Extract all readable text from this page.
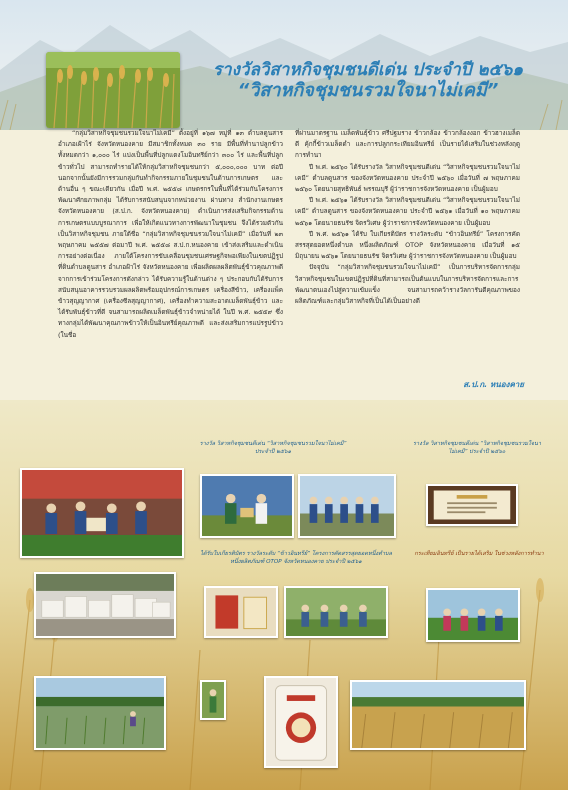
รางวัลวิสาหกิจชุมชนดีเด่น ประจำปี ๒๕๖๑
“วิสาหกิจชุมชนรวมใจนาไม่เคมี”

“กลุ่มวิสาหกิจชุมชนรวมใจนาไม่เคมี” ตั้งอยู่ที่ ๑๖๗ หมู่ที่ ๑๓ ตำบลดูนสาร อำเภอเฝ้าไร่ จังหวัดหนองคาย มีสมาชิกทั้งหมด ๓๐ ราย มีพื้นที่ทำนาปลูกข้าวทั้งหมดกว่า ๑,๐๐๐ ไร่ แบ่งเป็นพื้นที่ปลูกแตงโมอินทรีย์กว่า ๓๐๐ ไร่ และพื้นที่ปลูกข้าวทั่วไป สามารถทำรายได้ให้กลุ่มวิสาหกิจชุมชนกว่า ๕,๐๐๐,๐๐๐ บาท ต่อปี นอกจากนั้นยังมีการรวมกลุ่มกันทำกิจกรรมภายในชุมชนในด้านการเกษตร และด้านอื่น ๆ ขณะเดียวกัน เมื่อปี พ.ศ. ๒๕๕๘ เกษตรกรในพื้นที่ได้ร่วมกันโครงการพัฒนาศักยภาพกลุ่ม ได้รับการสนับสนุนจากหน่วยงาน ผ่านทาง สำนักงานเกษตรจังหวัดหนองคาย (ส.ป.ก. จังหวัดหนองคาย) ดำเนินการส่งเสริมกิจกรรมด้านการเกษตรแบบบูรณาการ เพื่อให้เกิดแนวทางการพัฒนาในชุมชน จึงได้รวมตัวกันเป็นวิสาหกิจชุมชน ภายใต้ชื่อ “กลุ่มวิสาหกิจชุมชนรวมใจนาไม่เคมี” เมื่อวันที่ ๒๓ พฤษภาคม ๒๕๕๗ ต่อมาปี พ.ศ. ๒๕๕๘ ส.ป.ก.หนองคาย เข้าส่งเสริมและดำเนินการอย่างต่อเนื่อง ภายใต้โครงการขับเคลื่อนชุมชนเศรษฐกิจพอเพียงในเขตปฏิรูปที่ดินตำบลดูนสาร อำเภอฝ้าไร่ จังหวัดหนองคาย เพื่อผลิตผลผลิตพันธุ์ข้าวคุณภาพดี จากการเข้าร่วมโครงการดังกล่าว ได้รับความรู้ในด้านต่าง ๆ ประกอบกับได้รับการสนับสนุนอาคารรวบรวมผลผลิตพร้อมอุปกรณ์การเกษตร เครื่องสีข้าว, เครื่องแพ็คข้าวสุญญากาศ (เครื่องซีลสุญญากาศ), เครื่องทำความสะอาดเมล็ดพันธุ์ข้าว และได้รับพันธุ์ข้าวที่ดี จนสามารถผลิตเมล็ดพันธุ์ข้าวจำหน่ายได้ ในปี พ.ศ. ๒๕๕๙ ซึ่งทางกลุ่มได้พัฒนาคุณภาพข้าวให้เป็นอินทรีย์คุณภาพดี และส่งเสริมการแปรรูปข้าว (ในชื่อ

ที่ผ่านมาตรฐาน เมล็ดพันธุ์ข้าว ศรีปฐมราง ข้าวกล้อง ข้าวกล้องงอก ข้าวฮางเมล็ดดี คุ้กกี้ข้าวเมล็ดดำ และการปลูกกระเทียมอินทรีย์ เป็นรายได้เสริมในช่วงหลังฤดูการทำนา

ปี พ.ศ. ๒๕๖๐ ได้รับรางวัล วิสาหกิจชุมชนดีเด่น “วิสาหกิจชุมชนรวมใจนาไม่เคมี” ตำบลดูนสาร ของจังหวัดหนองคาย ประจำปี ๒๕๖๐ เมื่อวันที่ ๗ พฤษภาคม ๒๕๖๐ โดยนายสุทธิพันธ์ พรรณบุรี ผู้ว่าราชการจังหวัดหนองคาย เป็นผู้มอบ

ปี พ.ศ. ๒๕๖๑ ได้รับรางวัล วิสาหกิจชุมชนดีเด่น “วิสาหกิจชุมชนรวมใจนาไม่เคมี” ตำบลดูนสาร ของจังหวัดหนองคาย ประจำปี ๒๕๖๑ เมื่อวันที่ ๑๐ พฤษภาคม ๒๕๖๑ โดยนายธนรัช จิตรวิเศษ ผู้ว่าราชการจังหวัดหนองคาย เป็นผู้มอบ

ปี พ.ศ. ๒๕๖๑ ได้รับ ใบเกียรติบัตร รางวัลระดับ “ข้าวอินทรีย์” โครงการคัดสรรสุดยอดหนึ่งตำบล หนึ่งผลิตภัณฑ์ OTOP จังหวัดหนองคาย เมื่อวันที่ ๑๕ มิถุนายน ๒๕๖๑ โดยนายธนรัช จิตรวิเศษ ผู้ว่าราชการจังหวัดหนองคาย เป็นผู้มอบ

ปัจจุบัน “กลุ่มวิสาหกิจชุมชนรวมใจนาไม่เคมี” เป็นการบริหารจัดการกลุ่มวิสาหกิจชุมชนในเขตปฏิรูปที่ดินที่สามารถเป็นต้นแบบในการบริหารจัดการและการพัฒนาตนเองไปสู่ความเข้มแข็ง จนสามารถคว้ารางวัลการันตีคุณภาพของผลิตภัณฑ์และกลุ่มวิสาหกิจที่เป็นได้เป็นอย่างดี

ส.ป.ก. หนองคาย
รางวัล วิสาหกิจชุมชนดีเด่น “วิสาหกิจชุมชนรวมใจนาไม่เคมี” ประจำปี ๒๕๖๑
รางวัล วิสาหกิจชุมชนดีเด่น “วิสาหกิจชุมชนรวมใจนาไม่เคมี” ประจำปี ๒๕๖๐
ได้รับใบเกียรติบัตร รางวัลระดับ “ข้าวอินทรีย์” โครงการคัดสรรสุดยอดหนึ่งตำบล หนึ่งผลิตภัณฑ์ OTOP จังหวัดหนองคาย ประจำปี ๒๕๖๑
กระเทียมอินทรีย์ เป็นรายได้เสริม ในช่วงหลังการทำนา
